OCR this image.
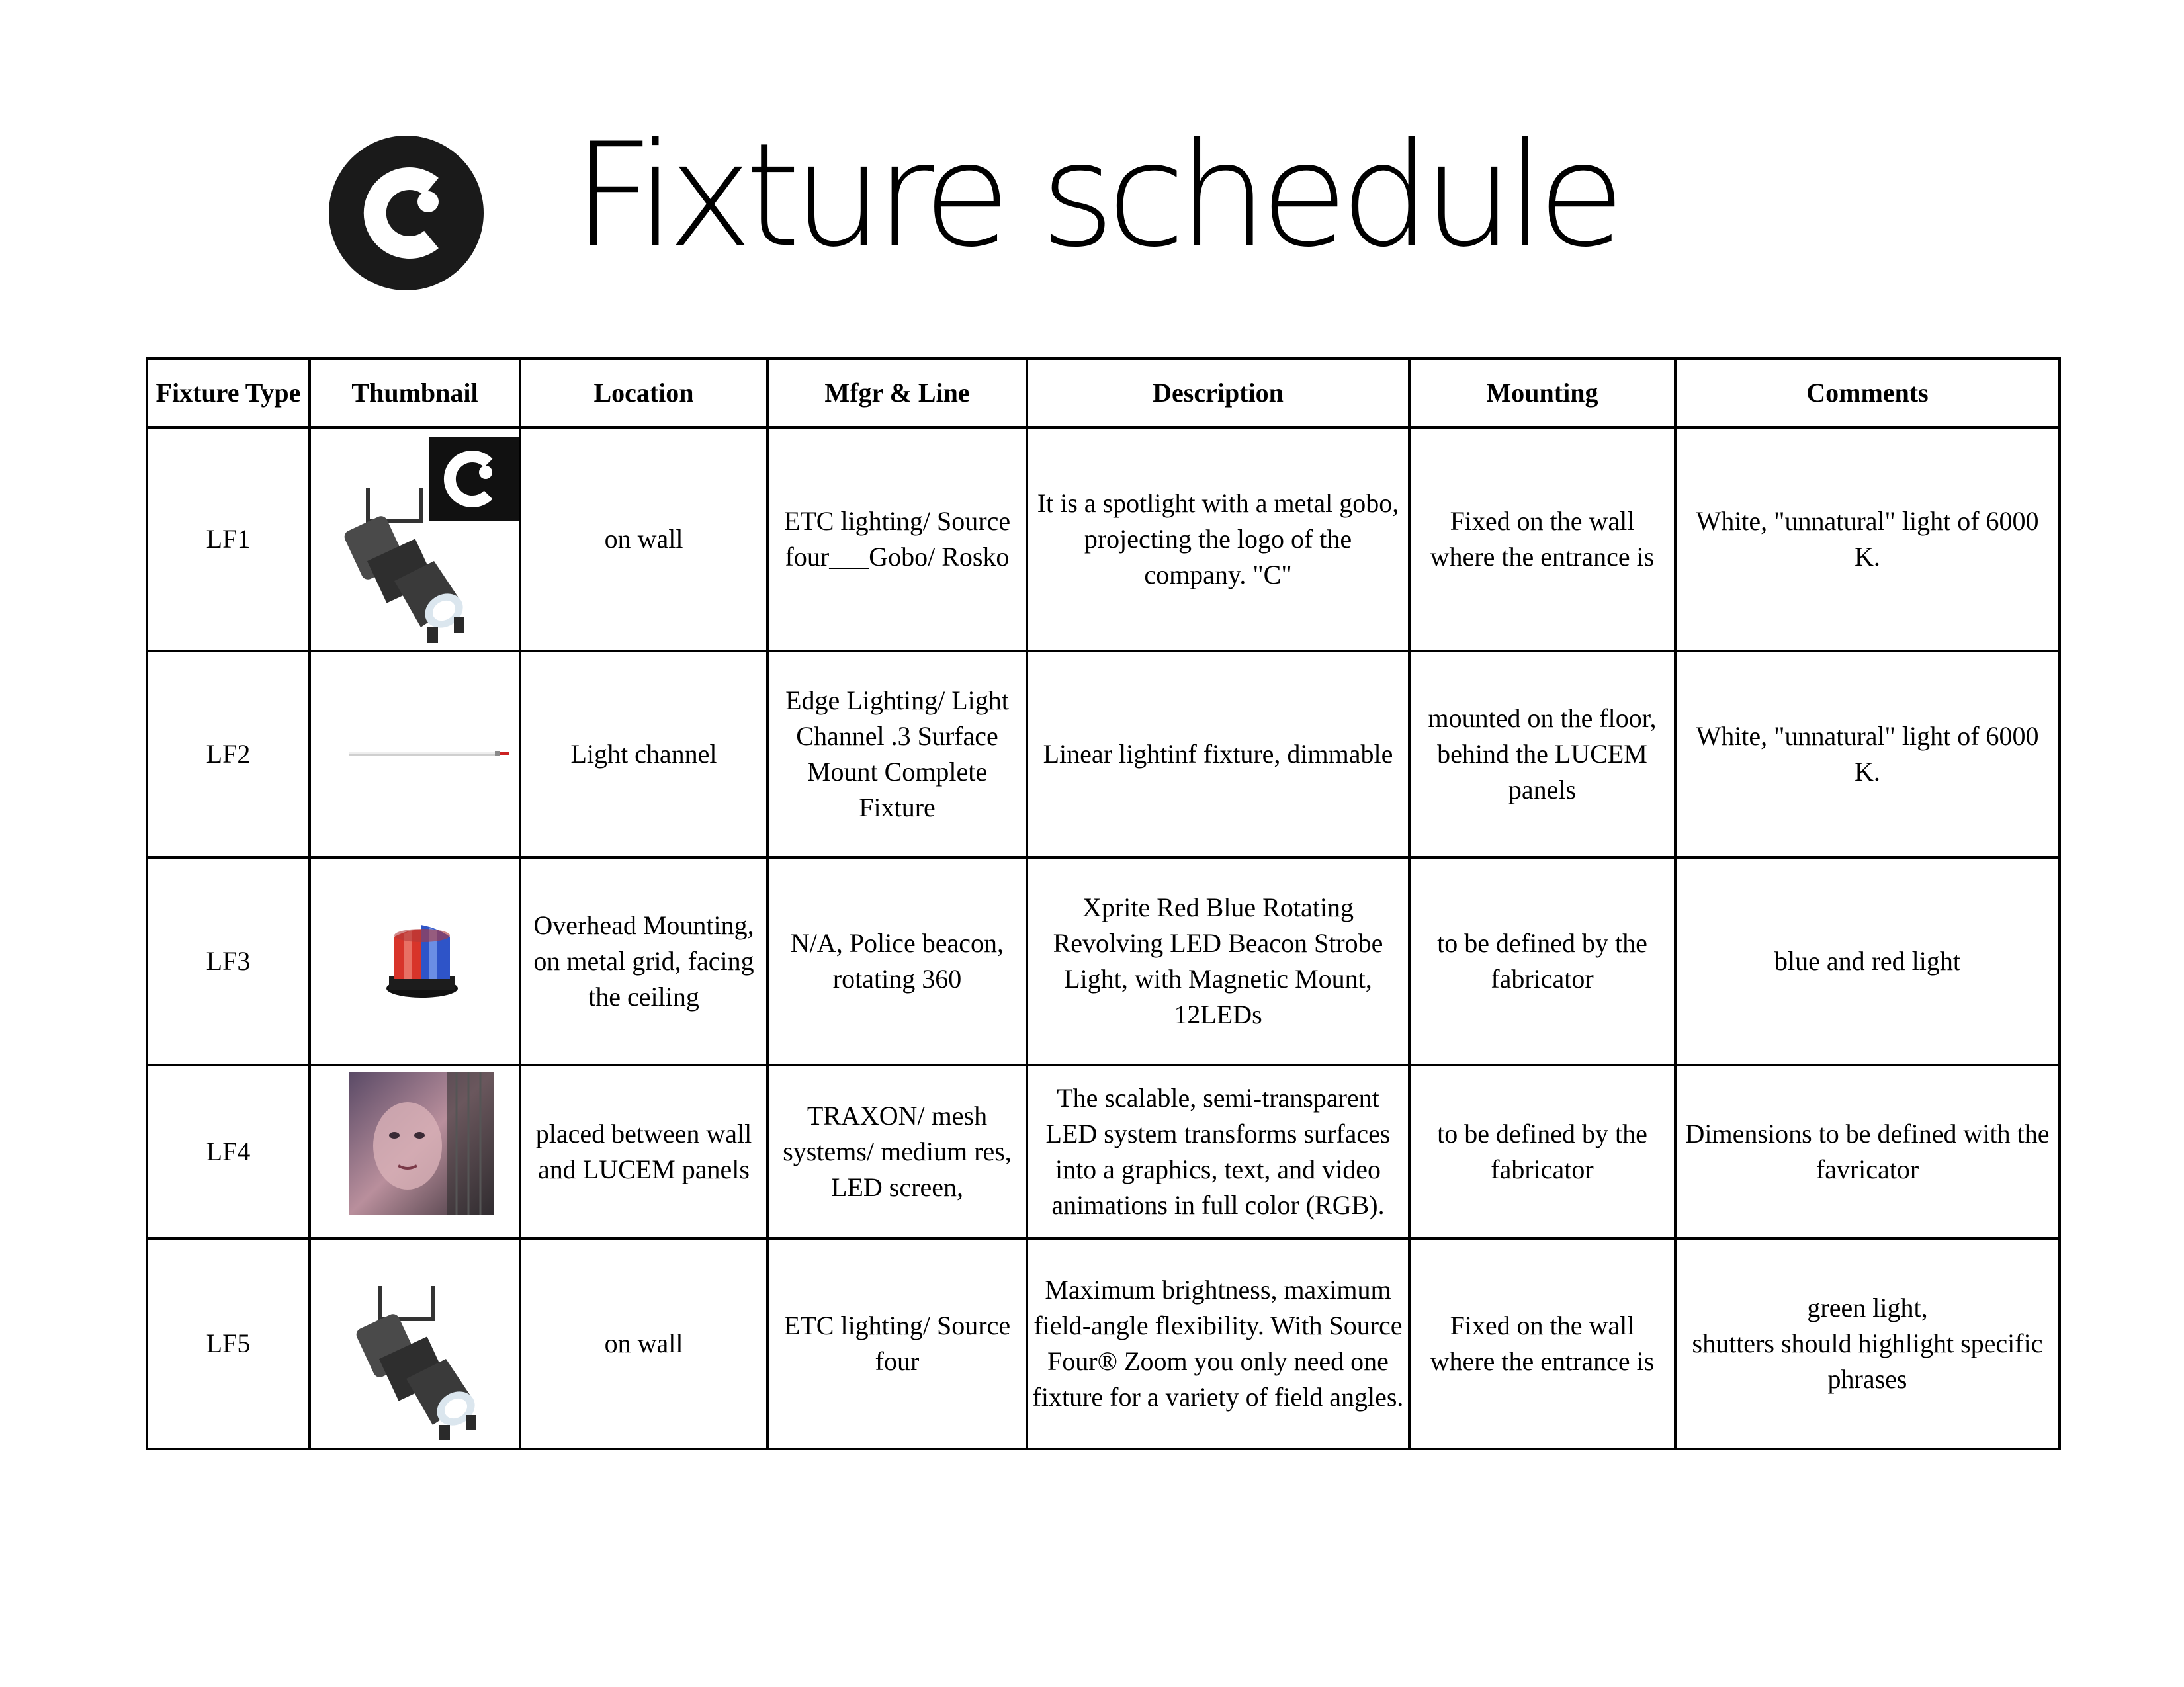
Fixture schedule
Fixture Type	Thumbnail	Location	Mfgr & Line	Description	Mounting	Comments
LF1		on wall	ETC lighting/ Source four___Gobo/ Rosko	It is a spotlight with a metal gobo, projecting the logo of the company. "C"	Fixed on the wall where the entrance is	White, "unnatural" light of 6000 K.
LF2		Light channel	Edge Lighting/ Light Channel .3 Surface Mount Complete Fixture	Linear lightinf fixture, dimmable	mounted on the floor, behind the LUCEM panels	White, "unnatural" light of 6000 K.
LF3		Overhead Mounting, on metal grid, facing the ceiling	N/A, Police beacon, rotating 360	Xprite Red Blue Rotating Revolving LED Beacon Strobe Light, with Magnetic Mount, 12LEDs	to be defined by the fabricator	blue and red light
LF4		placed between wall and LUCEM panels	TRAXON/ mesh systems/ medium res, LED screen,	The scalable, semi-transparent LED system transforms surfaces into a graphics, text, and video animations in full color (RGB).	to be defined by the fabricator	Dimensions to be defined with the favricator
LF5		on wall	ETC lighting/ Source four	Maximum brightness, maximum field-angle flexibility. With Source Four® Zoom you only need one fixture for a variety of field angles.	Fixed on the wall where the entrance is	green light,
shutters should highlight specific phrases
